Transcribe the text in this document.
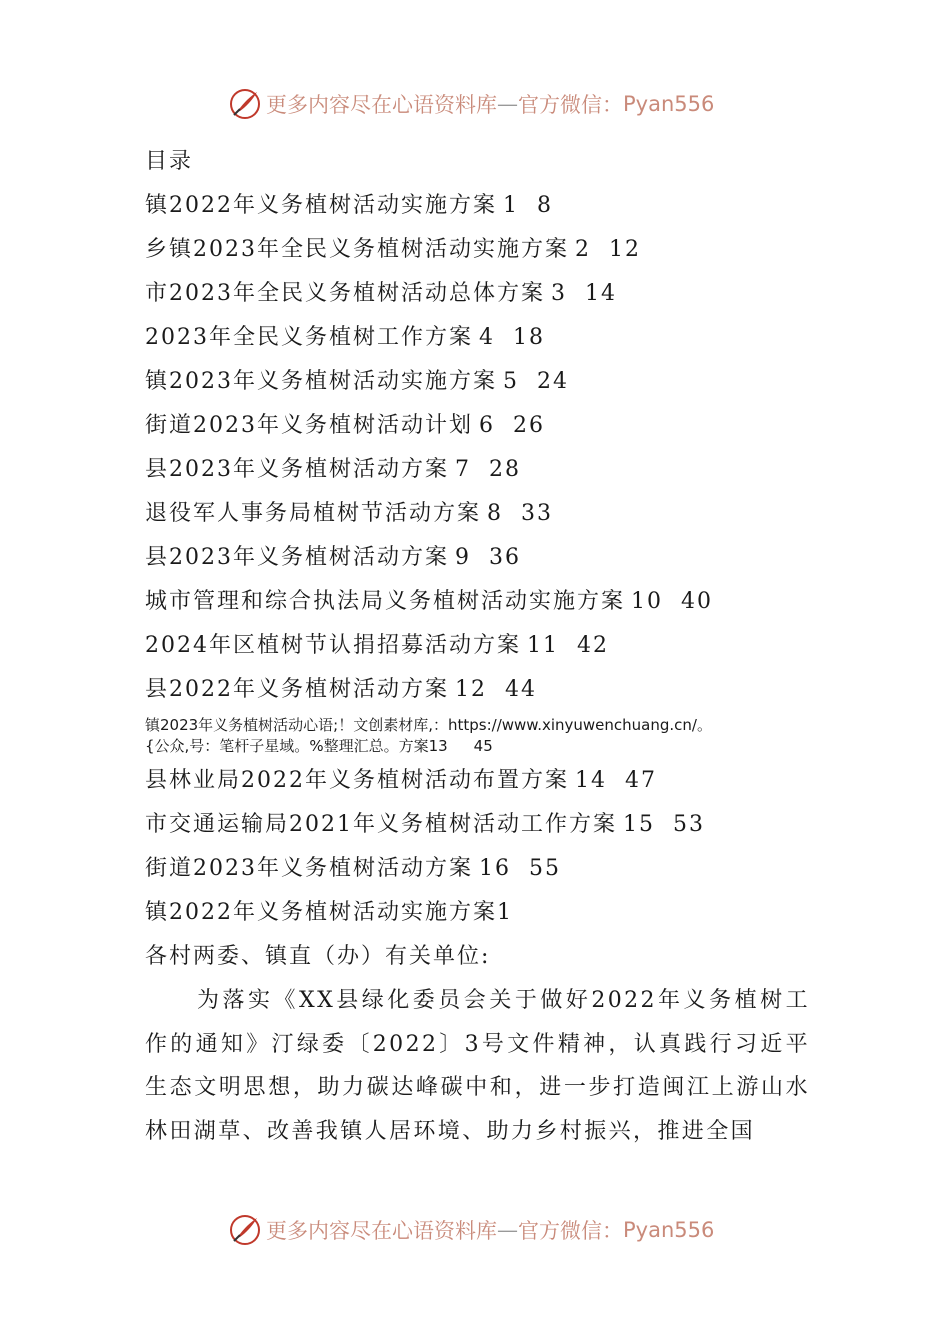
更多内容尽在心语资料库 — 官方微信： Pyan556
目录
镇2022年义务植树活动实施方案 1 8
乡镇2023年全民义务植树活动实施方案 2 12
市2023年全民义务植树活动总体方案 3 14
2023年全民义务植树工作方案 4 18
镇2023年义务植树活动实施方案 5 24
街道2023年义务植树活动计划 6 26
县2023年义务植树活动方案 7 28
退役军人事务局植树节活动方案 8 33
县2023年义务植树活动方案 9 36
城市管理和综合执法局义务植树活动实施方案 10 40
2024年区植树节认捐招募活动方案 11 42
县2022年义务植树活动方案 12 44
镇2023年义务植树活动心语;！文创素材库,：https://www.xinyuwenchuang.cn/。
{公众,号：笔杆子星域。%整理汇总。方案13 45
县林业局2022年义务植树活动布置方案 14 47
市交通运输局2021年义务植树活动工作方案 15 53
街道2023年义务植树活动方案 16 55
镇2022年义务植树活动实施方案1
各村两委、镇直（办）有关单位:
为落实《XX县绿化委员会关于做好2022年义务植树工作的通知》汀绿委〔2022〕3号文件精神，认真践行习近平生态文明思想，助力碳达峰碳中和，进一步打造闽江上游山水林田湖草、改善我镇人居环境、助力乡村振兴，推进全国
更多内容尽在心语资料库 — 官方微信： Pyan556
